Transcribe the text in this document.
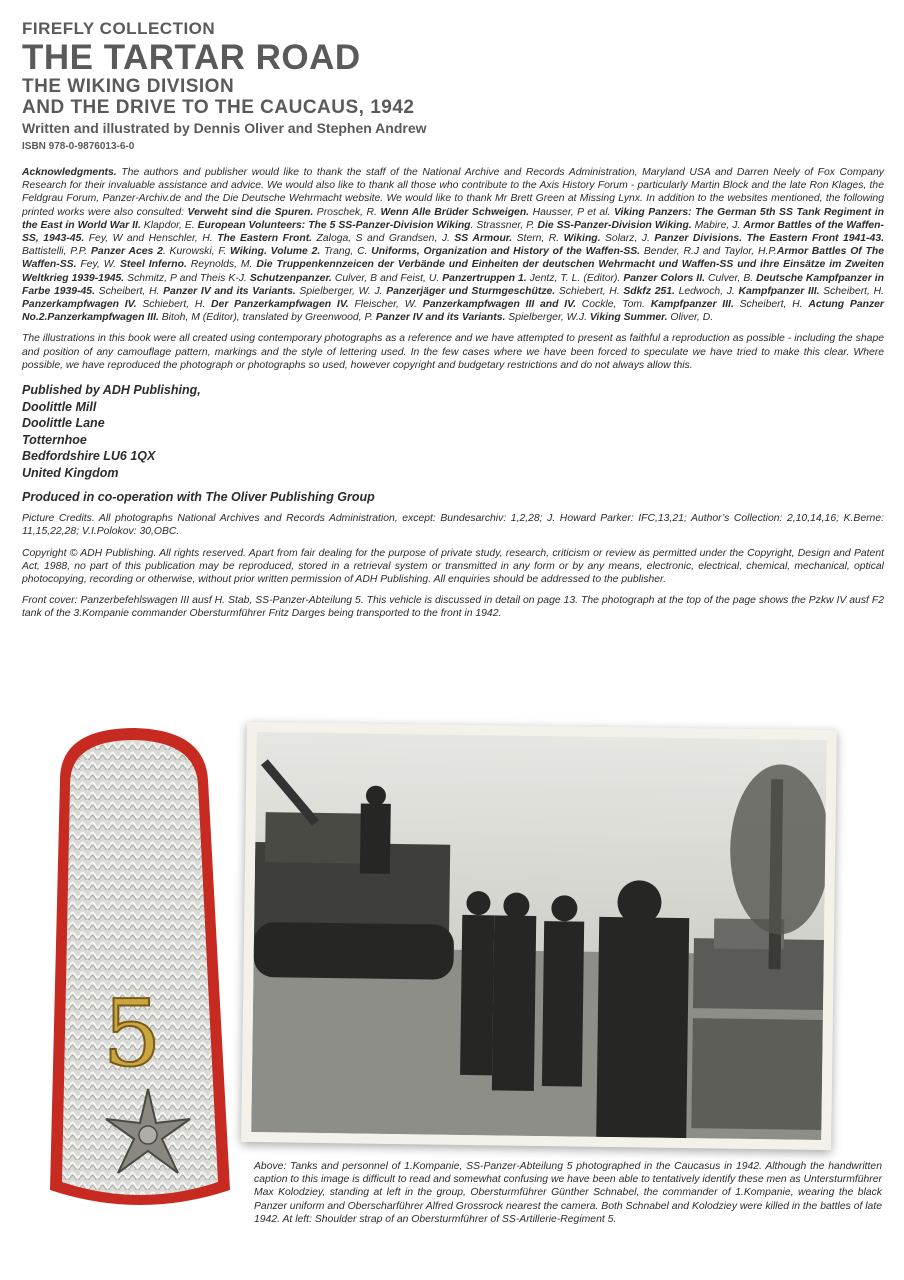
FIREFLY COLLECTION
THE TARTAR ROAD
THE WIKING DIVISION
AND THE DRIVE TO THE CAUCAUS, 1942
Written and illustrated by Dennis Oliver and Stephen Andrew
ISBN 978-0-9876013-6-0

Acknowledgments. The authors and publisher would like to thank the staff of the National Archive and Records Administration, Maryland USA and Darren Neely of Fox Company Research for their invaluable assistance and advice. We would also like to thank all those who contribute to the Axis History Forum - particularly Martin Block and the late Ron Klages, the Feldgrau Forum, Panzer-Archiv.de and the Die Deutsche Wehrmacht website. We would like to thank Mr Brett Green at Missing Lynx. In addition to the websites mentioned, the following printed works were also consulted: Verweht sind die Spuren. Proschek, R. Wenn Alle Brüder Schweigen. Hausser, P et al. Viking Panzers: The German 5th SS Tank Regiment in the East in World War II. Klapdor, E. European Volunteers: The 5 SS-Panzer-Division Wiking. Strassner, P. Die SS-Panzer-Division Wiking. Mabire, J. Armor Battles of the Waffen-SS, 1943-45. Fey, W and Henschler, H. The Eastern Front. Zaloga, S and Grandsen, J. SS Armour. Stern, R. Wiking. Solarz, J. Panzer Divisions. The Eastern Front 1941-43. Battistelli, P.P. Panzer Aces 2. Kurowski, F. Wiking. Volume 2. Trang, C. Uniforms, Organization and History of the Waffen-SS. Bender, R.J and Taylor, H.P.Armor Battles Of The Waffen-SS. Fey, W. Steel Inferno. Reynolds, M. Die Truppenkennzeicen der Verbände und Einheiten der deutschen Wehrmacht und Waffen-SS und ihre Einsätze im Zweiten Weltkrieg 1939-1945. Schmitz, P and Theis K-J. Schutzenpanzer. Culver, B and Feist, U. Panzertruppen 1. Jentz, T. L. (Editor). Panzer Colors II. Culver, B. Deutsche Kampfpanzer in Farbe 1939-45. Scheibert, H. Panzer IV and its Variants. Spielberger, W. J. Panzerjäger und Sturmgeschütze. Schiebert, H. Sdkfz 251. Ledwoch, J. Kampfpanzer III. Scheibert, H. Panzerkampfwagen IV. Schiebert, H. Der Panzerkampfwagen IV. Fleischer, W. Panzerkampfwagen III and IV. Cockle, Tom. Kampfpanzer III. Scheibert, H. Actung Panzer No.2.Panzerkampfwagen III. Bitoh, M (Editor), translated by Greenwood, P. Panzer IV and its Variants. Spielberger, W.J. Viking Summer. Oliver, D.

The illustrations in this book were all created using contemporary photographs as a reference and we have attempted to present as faithful a reproduction as possible - including the shape and position of any camouflage pattern, markings and the style of lettering used. In the few cases where we have been forced to speculate we have tried to make this clear. Where possible, we have reproduced the photograph or photographs so used, however copyright and budgetary restrictions and do not always allow this.

Published by ADH Publishing,
Doolittle Mill
Doolittle Lane
Totternhoe
Bedfordshire LU6 1QX
United Kingdom
Produced in co-operation with The Oliver Publishing Group

Picture Credits. All photographs National Archives and Records Administration, except: Bundesarchiv: 1,2,28; J. Howard Parker: IFC,13,21; Author’s Collection: 2,10,14,16; K.Berne: 11,15,22,28; V.I.Polokov: 30,OBC.

Copyright © ADH Publishing. All rights reserved. Apart from fair dealing for the purpose of private study, research, criticism or review as permitted under the Copyright, Design and Patent Act, 1988, no part of this publication may be reproduced, stored in a retrieval system or transmitted in any form or by any means, electronic, electrical, chemical, mechanical, optical photocopying, recording or otherwise, without prior written permission of ADH Publishing. All enquiries should be addressed to the publisher.

Front cover: Panzerbefehlswagen III ausf H. Stab, SS-Panzer-Abteilung 5. This vehicle is discussed in detail on page 13. The photograph at the top of the page shows the Pzkw IV ausf F2 tank of the 3.Kompanie commander Obersturmführer Fritz Darges being transported to the front in 1942.

5
Above: Tanks and personnel of 1.Kompanie, SS-Panzer-Abteilung 5 photographed in the Caucasus in 1942. Although the handwritten caption to this image is difficult to read and somewhat confusing we have been able to tentatively identify these men as Untersturmführer Max Kolodziey, standing at left in the group, Obersturmführer Günther Schnabel, the commander of 1.Kompanie, wearing the black Panzer uniform and Oberscharführer Alfred Grossrock nearest the camera. Both Schnabel and Kolodziey were killed in the battles of late 1942. At left: Shoulder strap of an Obersturmführer of SS-Artillerie-Regiment 5.
